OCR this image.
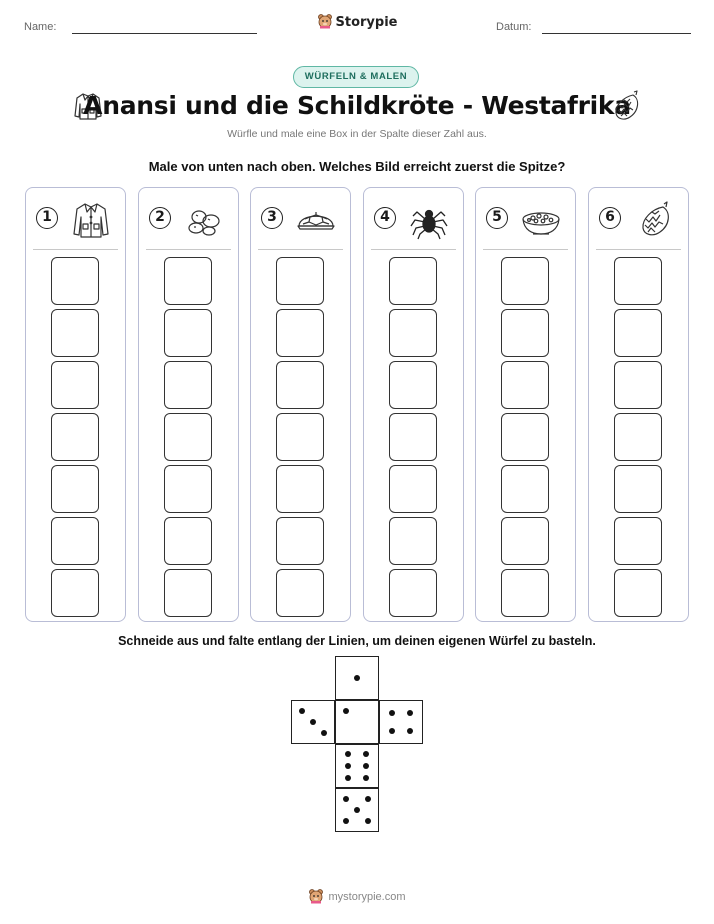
Name:	Storypie	Datum:
WÜRFELN & MALEN
Anansi und die Schildkröte - Westafrika
Würfle und male eine Box in der Spalte dieser Zahl aus.
Male von unten nach oben. Welches Bild erreicht zuerst die Spitze?
1	2	3	4	5	6
Schneide aus und falte entlang der Linien, um deinen eigenen Würfel zu basteln.
mystorypie.com
